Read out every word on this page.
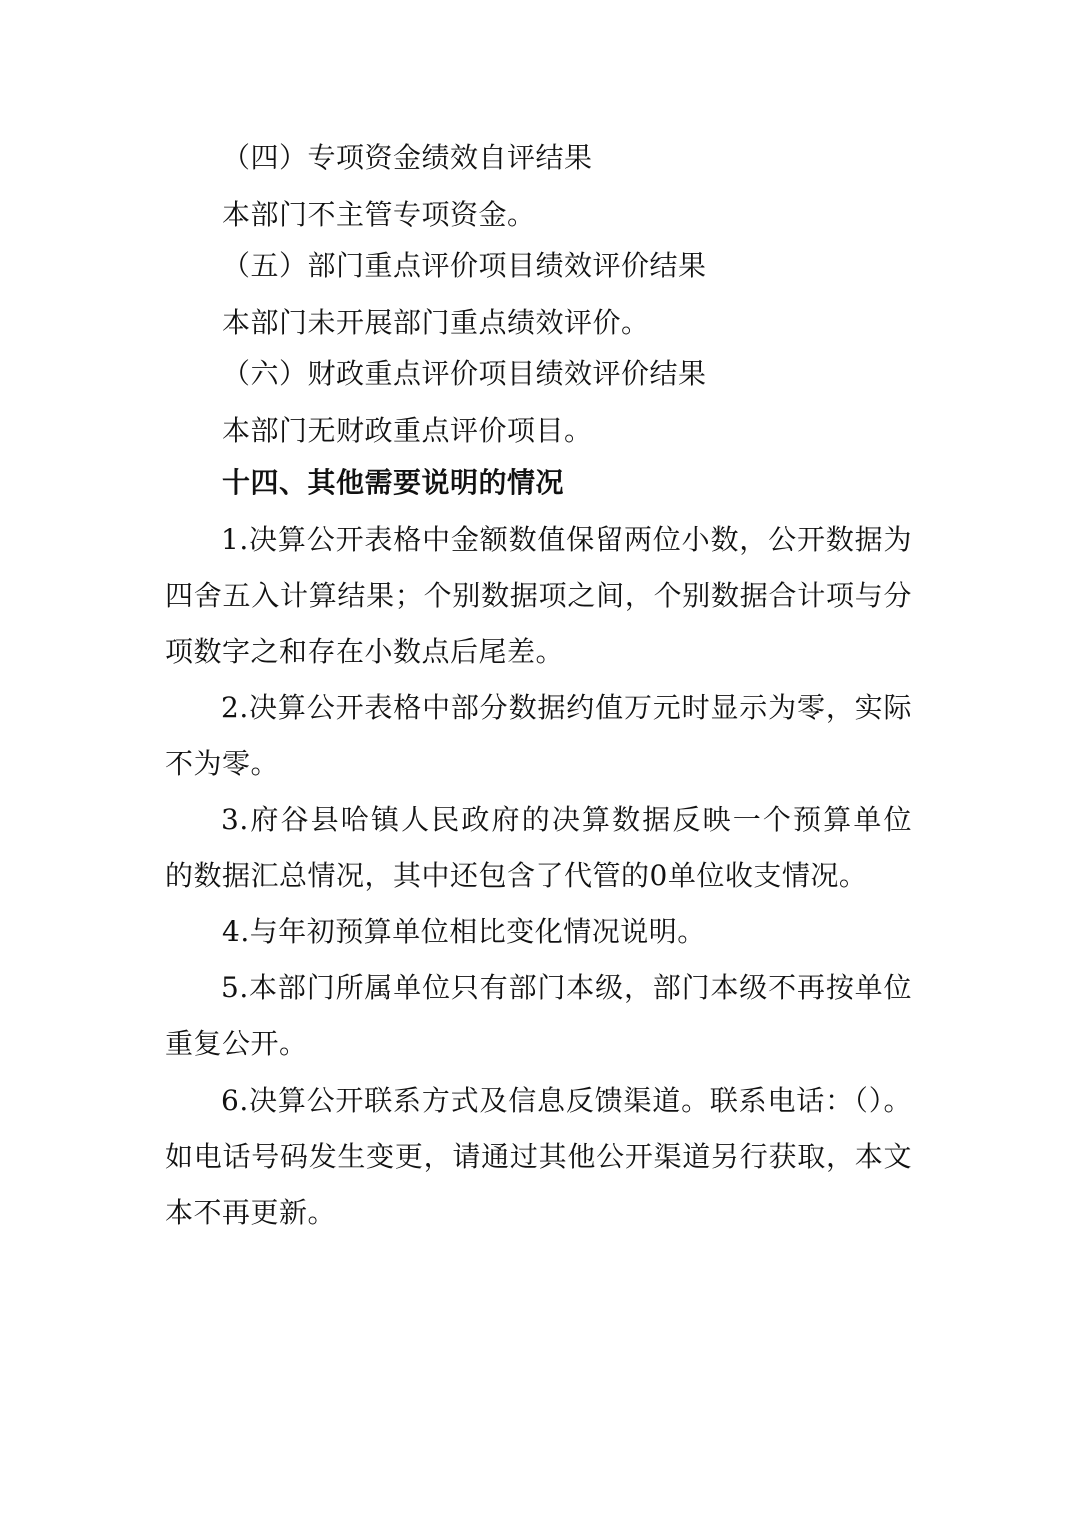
（四）专项资金绩效自评结果
本部门不主管专项资金。
（五）部门重点评价项目绩效评价结果
本部门未开展部门重点绩效评价。
（六）财政重点评价项目绩效评价结果
本部门无财政重点评价项目。
十四、其他需要说明的情况
1.决算公开表格中金额数值保留两位小数，公开数据为
四舍五入计算结果；个别数据项之间，个别数据合计项与分
项数字之和存在小数点后尾差。
2.决算公开表格中部分数据约值万元时显示为零，实际
不为零。
3.府谷县哈镇人民政府的决算数据反映一个预算单位
的数据汇总情况，其中还包含了代管的0单位收支情况。
4.与年初预算单位相比变化情况说明。
5.本部门所属单位只有部门本级，部门本级不再按单位
重复公开。
6.决算公开联系方式及信息反馈渠道。联系电话：（）。
如电话号码发生变更，请通过其他公开渠道另行获取，本文
本不再更新。
